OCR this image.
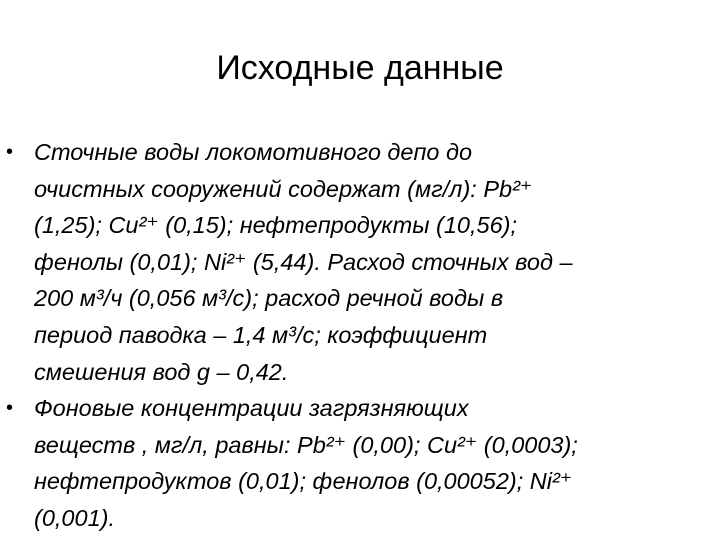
Исходные данные
• Сточные воды локомотивного депо до
очистных сооружений содержат (мг/л): Pb²⁺
(1,25); Cu²⁺ (0,15); нефтепродукты (10,56);
фенолы (0,01); Ni²⁺ (5,44). Расход сточных вод –
200 м³/ч (0,056 м³/с); расход речной воды в
период паводка – 1,4 м³/с; коэффициент
смешения вод g – 0,42.
• Фоновые концентрации загрязняющих
веществ , мг/л, равны: Pb²⁺ (0,00); Cu²⁺ (0,0003);
нефтепродуктов (0,01); фенолов (0,00052); Ni²⁺
(0,001).
